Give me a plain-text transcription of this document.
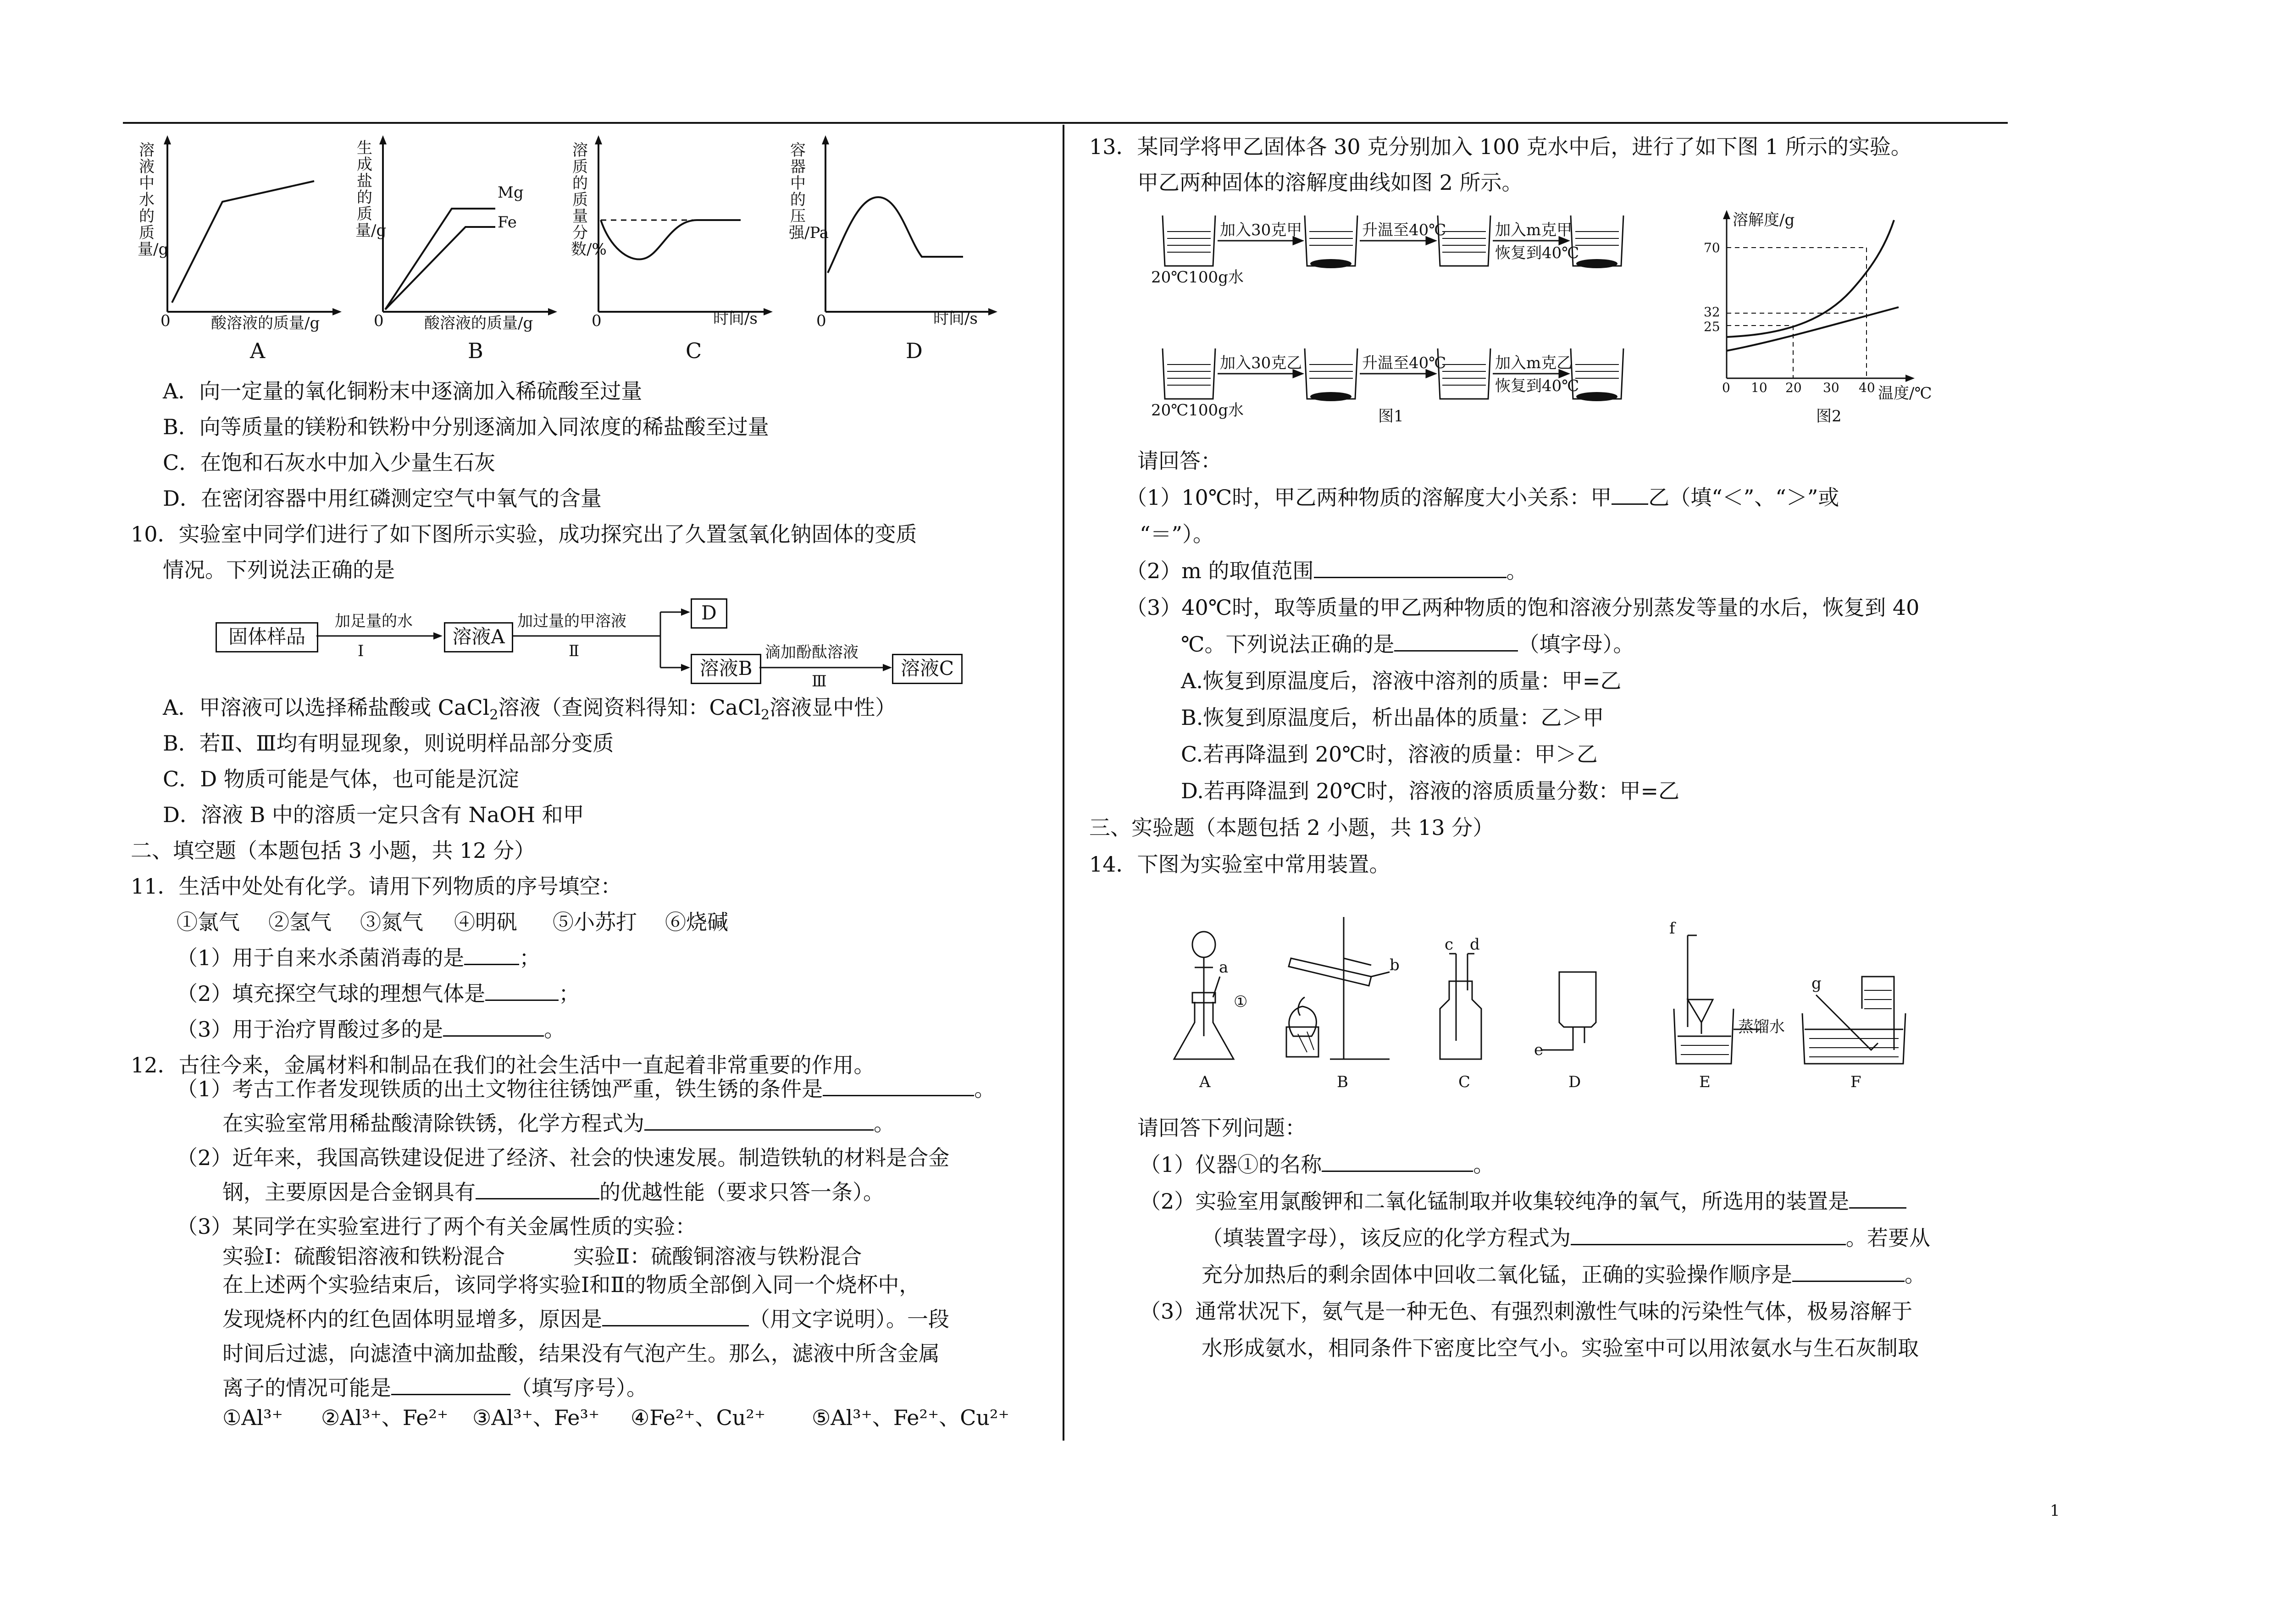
溶液中水的质量/g
0	酸溶液的质量/g
A
生成盐的质量/g
Mg
Fe
0	酸溶液的质量/g
B
溶质的质量分数/%
0	时间/s
C
容器中的压强/Pa
0	时间/s
D
A．向一定量的氧化铜粉末中逐滴加入稀硫酸至过量
B．向等质量的镁粉和铁粉中分别逐滴加入同浓度的稀盐酸至过量
C．在饱和石灰水中加入少量生石灰
D．在密闭容器中用红磷测定空气中氧气的含量
10．实验室中同学们进行了如下图所示实验，成功探究出了久置氢氧化钠固体的变质
情况。下列说法正确的是
固体样品
加足量的水
Ⅰ
溶液A
加过量的甲溶液
Ⅱ
D
溶液B
滴加酚酞溶液
Ⅲ
溶液C
A．甲溶液可以选择稀盐酸或 CaCl$_2$溶液（查阅资料得知：CaCl$_2$溶液显中性）
B．若Ⅱ、Ⅲ均有明显现象，则说明样品部分变质
C．D 物质可能是气体，也可能是沉淀
D．溶液 B 中的溶质一定只含有 NaOH 和甲
二、填空题（本题包括 3 小题，共 12 分）
11．生活中处处有化学。请用下列物质的序号填空：
①氯气 ②氢气 ③氮气 ④明矾 ⑤小苏打 ⑥烧碱
（1）用于自来水杀菌消毒的是	；
（2）填充探空气球的理想气体是	；
（3）用于治疗胃酸过多的是	。
12．古往今来，金属材料和制品在我们的社会生活中一直起着非常重要的作用。
（1）考古工作者发现铁质的出土文物往往锈蚀严重，铁生锈的条件是	。
在实验室常用稀盐酸清除铁锈，化学方程式为	。
（2）近年来，我国高铁建设促进了经济、社会的快速发展。制造铁轨的材料是合金
钢，主要原因是合金钢具有	的优越性能（要求只答一条）。
（3）某同学在实验室进行了两个有关金属性质的实验：
实验Ⅰ：硫酸铝溶液和铁粉混合	实验Ⅱ：硫酸铜溶液与铁粉混合
在上述两个实验结束后，该同学将实验Ⅰ和Ⅱ的物质全部倒入同一个烧杯中，
发现烧杯内的红色固体明显增多，原因是	（用文字说明）。一段
时间后过滤，向滤渣中滴加盐酸，结果没有气泡产生。那么，滤液中所含金属
离子的情况可能是	（填写序号）。
①Al³⁺ ②Al³⁺、Fe²⁺ ③Al³⁺、Fe³⁺ ④Fe²⁺、Cu²⁺ ⑤Al³⁺、Fe²⁺、Cu²⁺
13．某同学将甲乙固体各 30 克分别加入 100 克水中后，进行了如下图 1 所示的实验。
甲乙两种固体的溶解度曲线如图 2 所示。
加入30克甲	升温至40℃	加入m克甲
恢复到40℃
20℃100g水
加入30克乙	升温至40℃	加入m克乙
恢复到40℃
20℃100g水	图1
溶解度/g
70
32
25
0 10 20 30 40 温度/℃
图2
请回答：
（1）10℃时，甲乙两种物质的溶解度大小关系：甲 乙（填“＜”、“＞”或
“＝”）。
（2）m 的取值范围	。
（3）40℃时，取等质量的甲乙两种物质的饱和溶液分别蒸发等量的水后，恢复到 40
℃。下列说法正确的是	（填字母）。
A.恢复到原温度后，溶液中溶剂的质量：甲=乙
B.恢复到原温度后，析出晶体的质量：乙＞甲
C.若再降温到 20℃时，溶液的质量：甲＞乙
D.若再降温到 20℃时，溶液的溶质质量分数：甲=乙
三、实验题（本题包括 2 小题，共 13 分）
14．下图为实验室中常用装置。
a
①
b
c d
e
f
g
蒸馏水
A	B	C	D	E	F
请回答下列问题：
（1）仪器①的名称	。
（2）实验室用氯酸钾和二氧化锰制取并收集较纯净的氧气，所选用的装置是
（填装置字母），该反应的化学方程式为	。若要从
充分加热后的剩余固体中回收二氧化锰，正确的实验操作顺序是	。
（3）通常状况下，氨气是一种无色、有强烈刺激性气味的污染性气体，极易溶解于
水形成氨水，相同条件下密度比空气小。实验室中可以用浓氨水与生石灰制取
1
